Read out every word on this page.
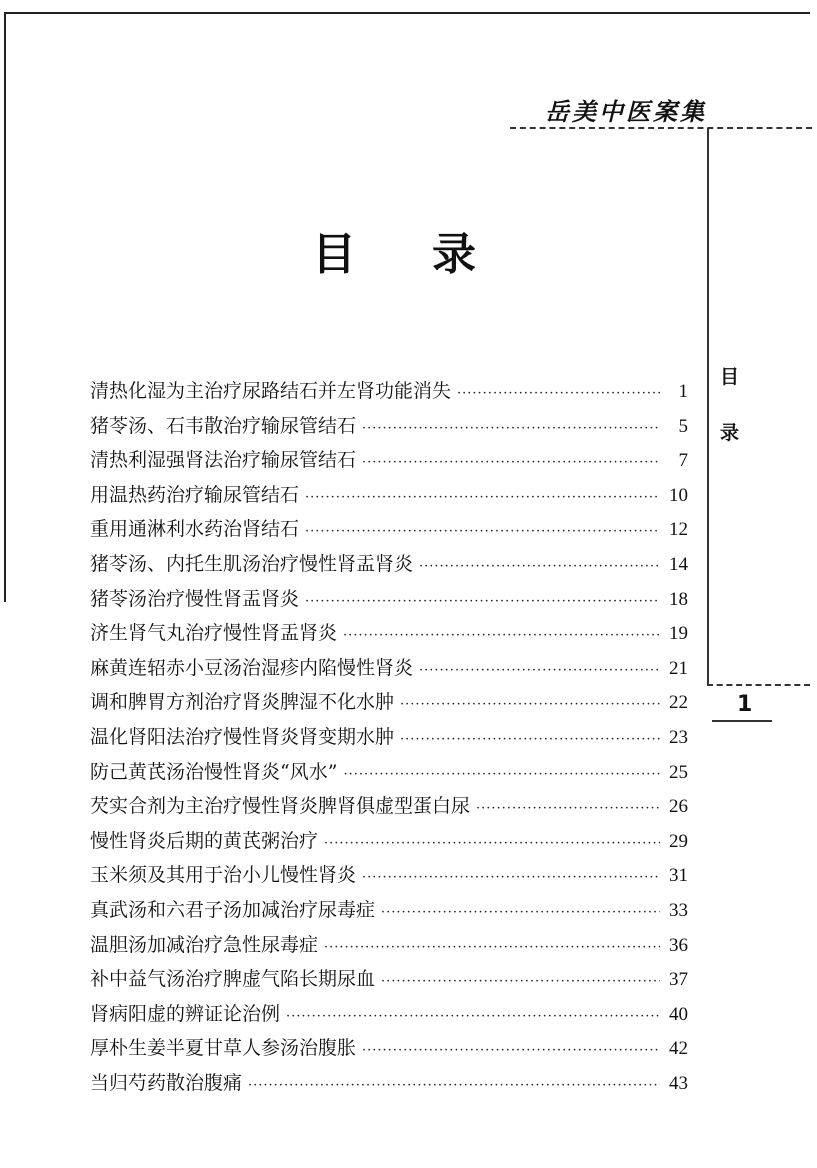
岳美中医案集
目
录
1
目 录
清热化湿为主治疗尿路结石并左肾功能消失 ·····	1
猪苓汤、石韦散治疗输尿管结石 ·····	5
清热利湿强肾法治疗输尿管结石 ·····	7
用温热药治疗输尿管结石 ·····	10
重用通淋利水药治肾结石 ·····	12
猪苓汤、内托生肌汤治疗慢性肾盂肾炎 ·····	14
猪苓汤治疗慢性肾盂肾炎 ·····	18
济生肾气丸治疗慢性肾盂肾炎 ·····	19
麻黄连轺赤小豆汤治湿疹内陷慢性肾炎 ·····	21
调和脾胃方剂治疗肾炎脾湿不化水肿 ·····	22
温化肾阳法治疗慢性肾炎肾变期水肿 ·····	23
防己黄芪汤治慢性肾炎“风水” ·····	25
芡实合剂为主治疗慢性肾炎脾肾俱虚型蛋白尿 ·····	26
慢性肾炎后期的黄芪粥治疗 ·····	29
玉米须及其用于治小儿慢性肾炎 ·····	31
真武汤和六君子汤加减治疗尿毒症 ·····	33
温胆汤加减治疗急性尿毒症 ·····	36
补中益气汤治疗脾虚气陷长期尿血 ·····	37
肾病阳虚的辨证论治例 ·····	40
厚朴生姜半夏甘草人参汤治腹胀 ·····	42
当归芍药散治腹痛 ·····	43
